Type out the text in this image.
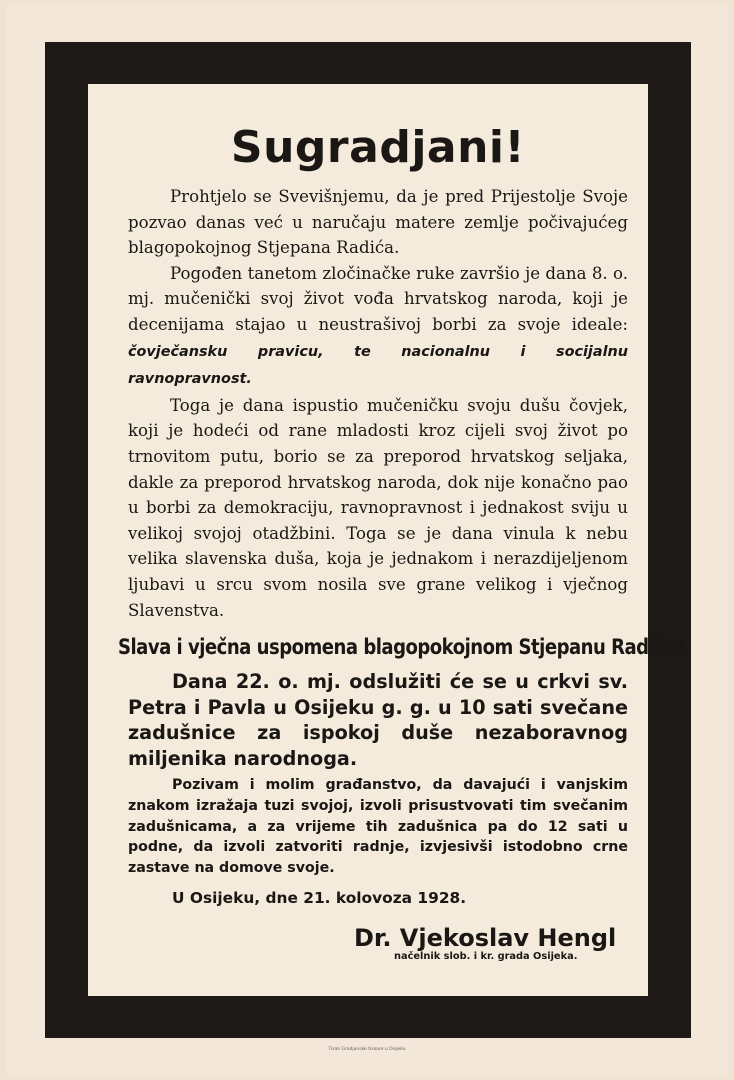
Sugradjani!

Prohtjelo se Svevišnjemu, da je pred Prijestolje Svoje pozvao danas već u naručaju matere zemlje počivajućeg blagopokojnog Stjepana Radića.

Pogođen tanetom zločinačke ruke završio je dana 8. o. mj. mučenički svoj život vođa hrvatskog naroda, koji je decenijama stajao u neustrašivoj borbi za svoje ideale: čovječansku pravicu, te nacionalnu i socijalnu ravnopravnost.

Toga je dana ispustio mučeničku svoju dušu čovjek, koji je hodeći od rane mladosti kroz cijeli svoj život po trnovitom putu, borio se za preporod hrvatskog seljaka, dakle za preporod hrvatskog naroda, dok nije konačno pao u borbi za demokraciju, ravnopravnost i jednakost sviju u velikoj svojoj otadžbini. Toga se je dana vinula k nebu velika slavenska duša, koja je jednakom i nerazdijeljenom ljubavi u srcu svom nosila sve grane velikog i vječnog Slavenstva.

Slava i vječna uspomena blagopokojnom Stjepanu Radiću!

Dana 22. o. mj. odslužiti će se u crkvi sv. Petra i Pavla u Osijeku g. g. u 10 sati svečane zadušnice za ispokoj duše nezaboravnog miljenika narodnoga.

Pozivam i molim građanstvo, da davajući i vanjskim znakom izražaja tuzi svojoj, izvoli prisustvovati tim svečanim zadušnicama, a za vrijeme tih zadušnica pa do 12 sati u podne, da izvoli zatvoriti radnje, izvjesivši istodobno crne zastave na domove svoje.

U Osijeku, dne 21. kolovoza 1928.
Dr. Vjekoslav Hengl
načelnik slob. i kr. grada Osijeka.
Tisak Gradjanske tiskare u Osijeku
